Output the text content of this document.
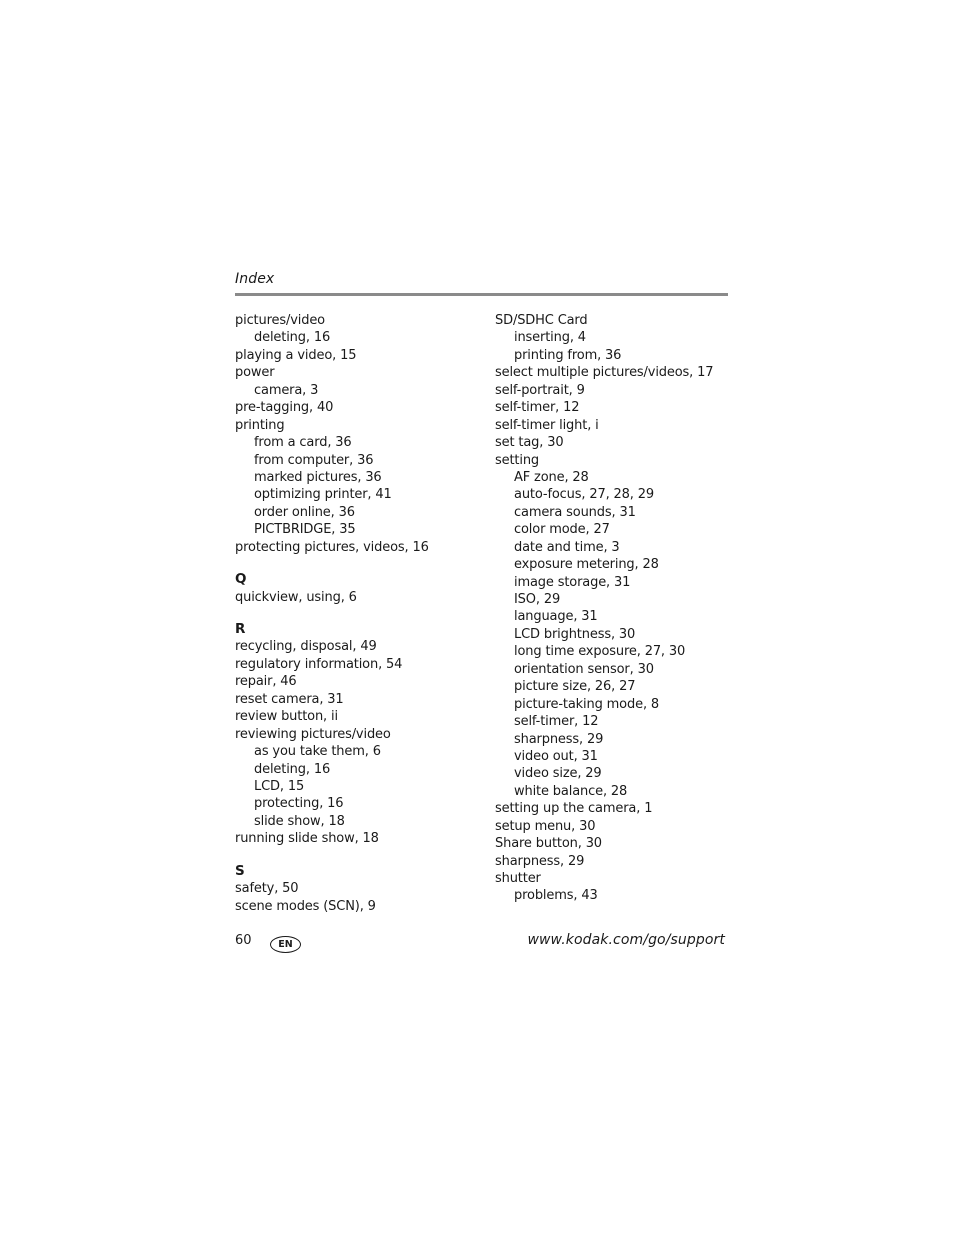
Index
pictures/video
deleting, 16
playing a video, 15
power
camera, 3
pre-tagging, 40
printing
from a card, 36
from computer, 36
marked pictures, 36
optimizing printer, 41
order online, 36
PICTBRIDGE, 35
protecting pictures, videos, 16
Q
quickview, using, 6
R
recycling, disposal, 49
regulatory information, 54
repair, 46
reset camera, 31
review button, ii
reviewing pictures/video
as you take them, 6
deleting, 16
LCD, 15
protecting, 16
slide show, 18
running slide show, 18
S
safety, 50
scene modes (SCN), 9
SD/SDHC Card
inserting, 4
printing from, 36
select multiple pictures/videos, 17
self-portrait, 9
self-timer, 12
self-timer light, i
set tag, 30
setting
AF zone, 28
auto-focus, 27, 28, 29
camera sounds, 31
color mode, 27
date and time, 3
exposure metering, 28
image storage, 31
ISO, 29
language, 31
LCD brightness, 30
long time exposure, 27, 30
orientation sensor, 30
picture size, 26, 27
picture-taking mode, 8
self-timer, 12
sharpness, 29
video out, 31
video size, 29
white balance, 28
setting up the camera, 1
setup menu, 30
Share button, 30
sharpness, 29
shutter
problems, 43
60	EN	www.kodak.com/go/support
